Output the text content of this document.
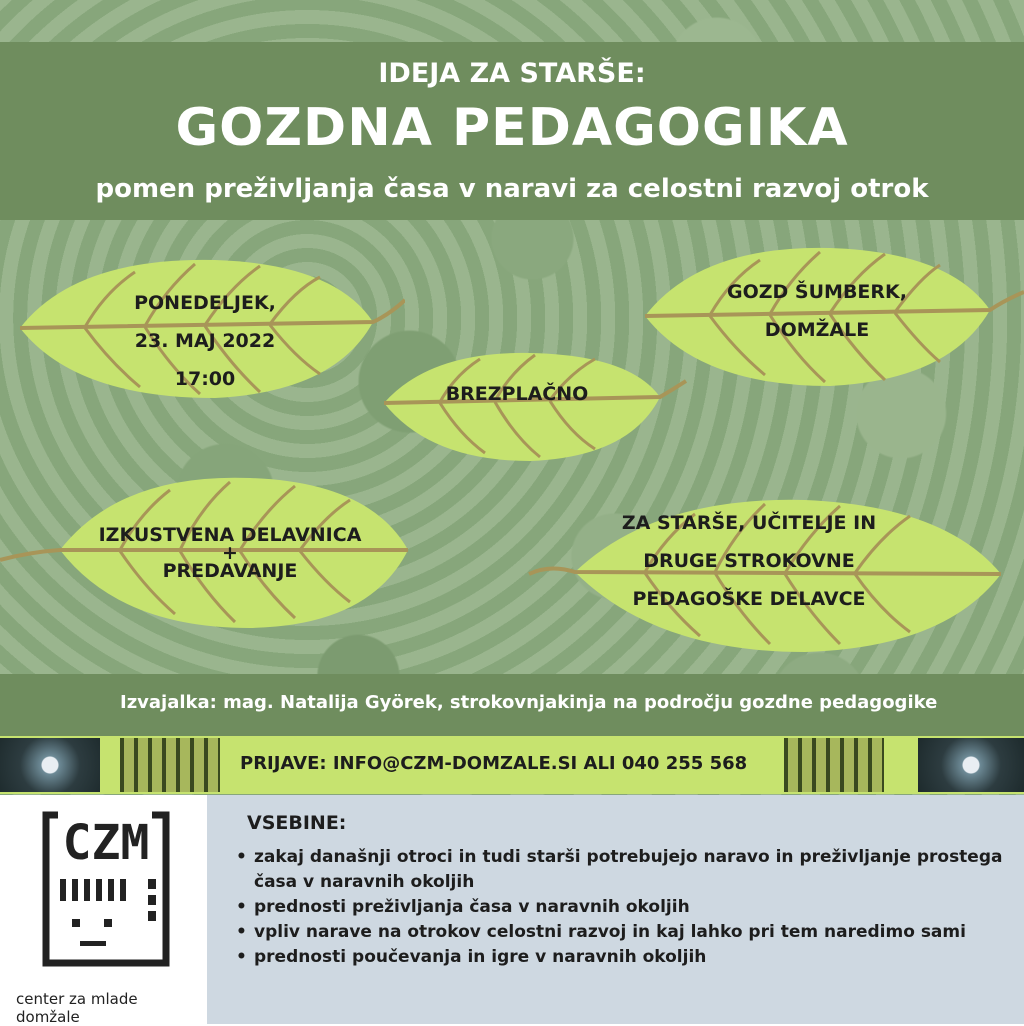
IDEJA ZA STARŠE:
GOZDNA PEDAGOGIKA
pomen preživljanja časa v naravi za celostni razvoj otrok
PONEDELJEK,
23. MAJ 2022
17:00
GOZD ŠUMBERK,
DOMŽALE
BREZPLAČNO
IZKUSTVENA DELAVNICA
+
PREDAVANJE
ZA STARŠE, UČITELJE IN
DRUGE STROKOVNE
PEDAGOŠKE DELAVCE
Izvajalka: mag. Natalija Györek, strokovnjakinja na področju gozdne pedagogike
PRIJAVE: INFO@CZM-DOMZALE.SI ALI 040 255 568
CZM
center za mlade domžale
VSEBINE:
• zakaj današnji otroci in tudi starši potrebujejo naravo in preživljanje prostega časa v naravnih okoljih
• prednosti preživljanja časa v naravnih okoljih
• vpliv narave na otrokov celostni razvoj in kaj lahko pri tem naredimo sami
• prednosti poučevanja in igre v naravnih okoljih
